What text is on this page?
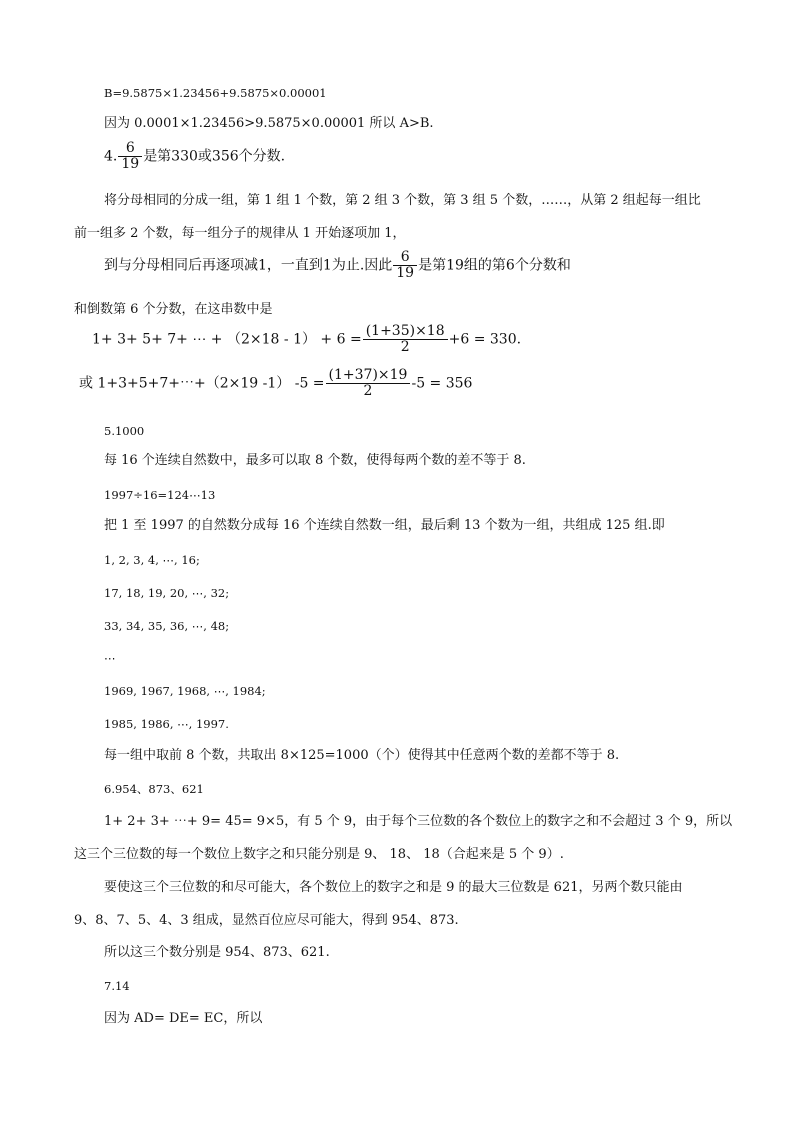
B=9.5875×1.23456+9.5875×0.00001
因为 0.0001×1.23456>9.5875×0.00001 所以 A>B.
4. $\frac{6}{19}$ 是第330或356个分数.
将分母相同的分成一组，第 1 组 1 个数，第 2 组 3 个数，第 3 组 5 个数，……，从第 2 组起每一组比
前一组多 2 个数，每一组分子的规律从 1 开始逐项加 1，
到与分母相同后再逐项减1，一直到1为止.因此 $\frac{6}{19}$ 是第19组的第6个分数和
和倒数第 6 个分数，在这串数中是
1+ 3+ 5+ 7+ ⋯ + $(2\times 18 - 1) + 6 = \frac{(1+35)\times 18}{2} +6 = 330$.
或 1+3+5+7+⋯+（2×19 -1） $-5 = \frac{(1+37)\times 19}{2} -5 = 356$
5.1000
每 16 个连续自然数中，最多可以取 8 个数，使得每两个数的差不等于 8.
1997÷16=124⋯13
把 1 至 1997 的自然数分成每 16 个连续自然数一组，最后剩 13 个数为一组，共组成 125 组.即
1, 2, 3, 4, ⋯, 16;
17, 18, 19, 20, ⋯, 32;
33, 34, 35, 36, ⋯, 48;
⋯
1969, 1967, 1968, ⋯, 1984;
1985, 1986, ⋯, 1997.
每一组中取前 8 个数，共取出 8×125=1000（个）使得其中任意两个数的差都不等于 8.
6.954、873、621
1+ 2+ 3+ ⋯+ 9= 45= 9×5，有 5 个 9，由于每个三位数的各个数位上的数字之和不会超过 3 个 9，所以
这三个三位数的每一个数位上数字之和只能分别是 9、 18、 18（合起来是 5 个 9）.
要使这三个三位数的和尽可能大，各个数位上的数字之和是 9 的最大三位数是 621，另两个数只能由
9、8、7、5、4、3 组成，显然百位应尽可能大，得到 954、873.
所以这三个数分别是 954、873、621.
7.14
因为 AD= DE= EC，所以
